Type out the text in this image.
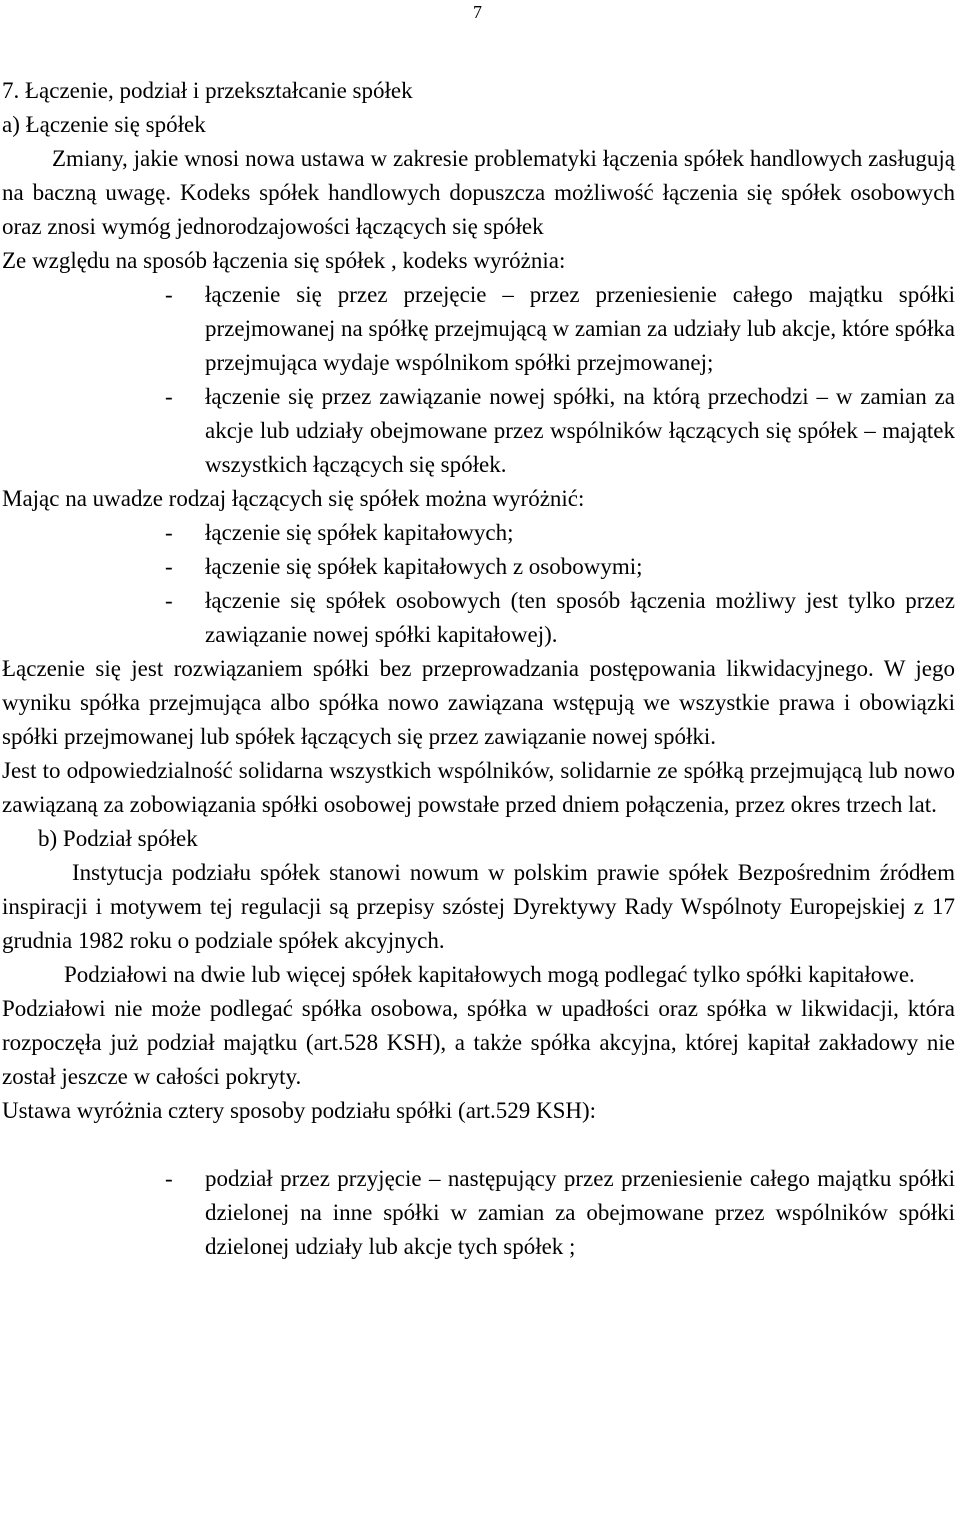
7

7. Łączenie, podział i przekształcanie spółek

a) Łączenie się spółek

Zmiany, jakie wnosi nowa ustawa w zakresie problematyki łączenia spółek handlowych zasługują na baczną uwagę. Kodeks spółek handlowych dopuszcza możliwość łączenia się spółek osobowych oraz znosi wymóg jednorodzajowości łączących się spółek

Ze względu na sposób łączenia się spółek , kodeks wyróżnia:

- łączenie się przez przejęcie – przez przeniesienie całego majątku spółki przejmowanej na spółkę przejmującą w zamian za udziały lub akcje, które spółka przejmująca wydaje wspólnikom spółki przejmowanej;
- łączenie się przez zawiązanie nowej spółki, na którą przechodzi – w zamian za akcje lub udziały obejmowane przez wspólników łączących się spółek – majątek wszystkich łączących się spółek.

Mając na uwadze rodzaj łączących się spółek można wyróżnić:

- łączenie się spółek kapitałowych;
- łączenie się spółek kapitałowych z osobowymi;
- łączenie się spółek osobowych (ten sposób łączenia możliwy jest tylko przez zawiązanie nowej spółki kapitałowej).

Łączenie się jest rozwiązaniem spółki bez przeprowadzania postępowania likwidacyjnego. W jego wyniku spółka przejmująca albo spółka nowo zawiązana wstępują we wszystkie prawa i obowiązki spółki przejmowanej lub spółek łączących się przez zawiązanie nowej spółki.

Jest to odpowiedzialność solidarna wszystkich wspólników, solidarnie ze spółką przejmującą lub nowo zawiązaną za zobowiązania spółki osobowej powstałe przed dniem połączenia, przez okres trzech lat.

b) Podział spółek

Instytucja podziału spółek stanowi nowum w polskim prawie spółek Bezpośrednim źródłem inspiracji i motywem tej regulacji są przepisy szóstej Dyrektywy Rady Wspólnoty Europejskiej z 17 grudnia 1982 roku o podziale spółek akcyjnych.

Podziałowi na dwie lub więcej spółek kapitałowych mogą podlegać tylko spółki kapitałowe.

Podziałowi nie może podlegać spółka osobowa, spółka w upadłości oraz spółka w likwidacji, która rozpoczęła już podział majątku (art.528 KSH), a także spółka akcyjna, której kapitał zakładowy nie został jeszcze w całości pokryty.

Ustawa wyróżnia cztery sposoby podziału spółki (art.529 KSH):

- podział przez przyjęcie – następujący przez przeniesienie całego majątku spółki dzielonej na inne spółki w zamian za obejmowane przez wspólników spółki dzielonej udziały lub akcje tych spółek ;
